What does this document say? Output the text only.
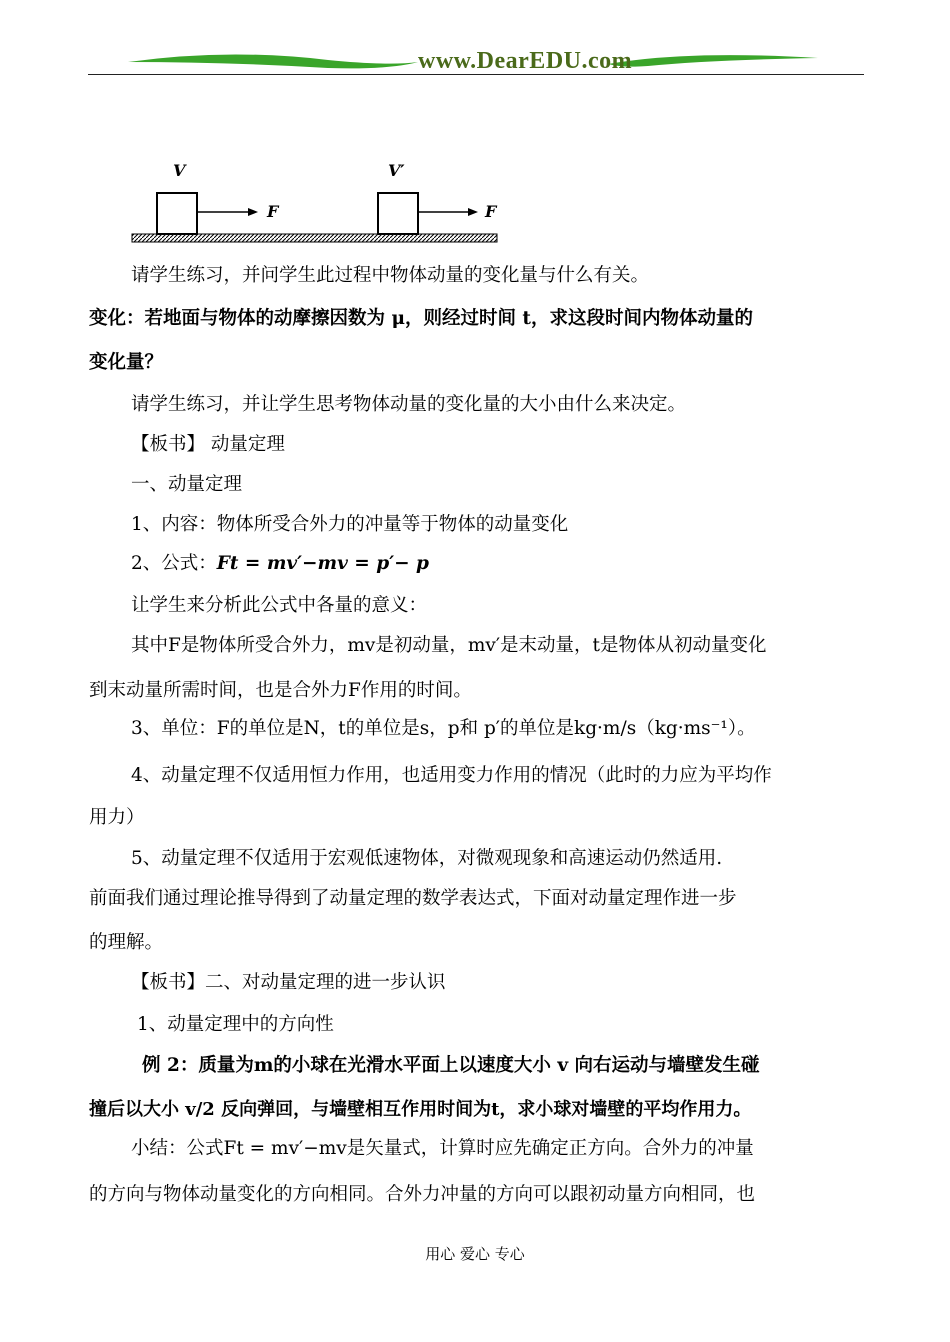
www.DearEDU.com
V	V′
F	F
请学生练习，并问学生此过程中物体动量的变化量与什么有关。
变化：若地面与物体的动摩擦因数为 μ，则经过时间 t，求这段时间内物体动量的
变化量？
请学生练习，并让学生思考物体动量的变化量的大小由什么来决定。
【板书】 动量定理
一、动量定理
1、内容：物体所受合外力的冲量等于物体的动量变化
2、公式：Ft = mv′−mv = p′− p
让学生来分析此公式中各量的意义：
其中F是物体所受合外力，mv是初动量，mv′是末动量，t是物体从初动量变化
到末动量所需时间，也是合外力F作用的时间。
3、单位：F的单位是N，t的单位是s，p和 p′的单位是kg·m/s（kg·ms⁻¹）。
4、动量定理不仅适用恒力作用，也适用变力作用的情况（此时的力应为平均作
用力）
5、动量定理不仅适用于宏观低速物体，对微观现象和高速运动仍然适用.
前面我们通过理论推导得到了动量定理的数学表达式，下面对动量定理作进一步
的理解。
【板书】二、对动量定理的进一步认识
1、动量定理中的方向性
例 2：质量为m的小球在光滑水平面上以速度大小 v 向右运动与墙壁发生碰
撞后以大小 v/2 反向弹回，与墙壁相互作用时间为t，求小球对墙壁的平均作用力。
小结：公式Ft = mv′−mv是矢量式，计算时应先确定正方向。合外力的冲量
的方向与物体动量变化的方向相同。合外力冲量的方向可以跟初动量方向相同，也
用心 爱心 专心
